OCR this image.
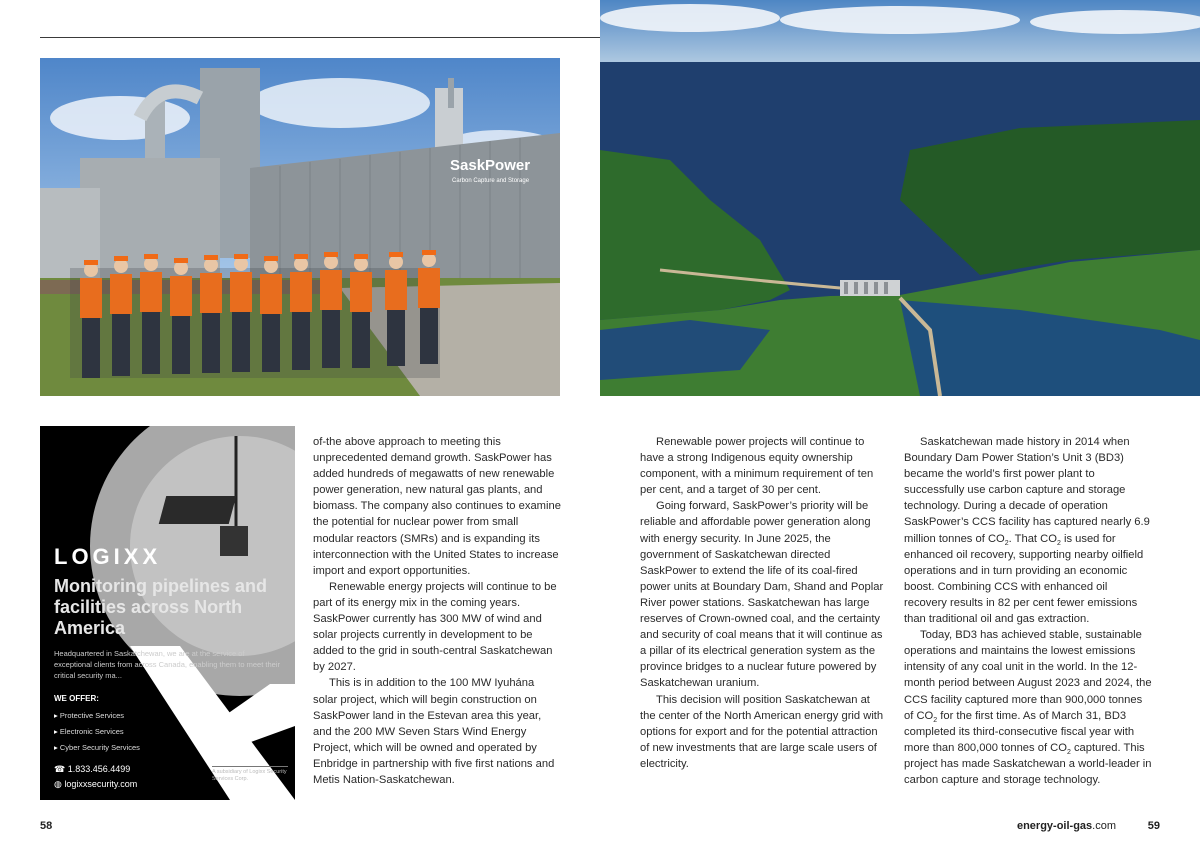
SaskPower
Carbon Capture and Storage
LOGIXX
Monitoring pipelines and facilities across North America
Headquartered in Saskatchewan, we are at the service of exceptional clients from across Canada, enabling them to meet their critical security ma...
WE OFFER:
▸ Protective Services
▸ Electronic Services
▸ Cyber Security Services
☎ 1.833.456.4499
◍ logixxsecurity.com
A subsidiary of Logixx Security Services Corp.

of-the above approach to meeting this unprecedented demand growth. SaskPower has added hundreds of megawatts of new renewable power generation, new natural gas plants, and biomass. The company also continues to examine the potential for nuclear power from small modular reactors (SMRs) and is expanding its interconnection with the United States to increase import and export opportunities.

Renewable energy projects will continue to be part of its energy mix in the coming years. SaskPower currently has 300 MW of wind and solar projects currently in development to be added to the grid in south-central Saskatchewan by 2027.

This is in addition to the 100 MW Iyuhána solar project, which will begin construction on SaskPower land in the Estevan area this year, and the 200 MW Seven Stars Wind Energy Project, which will be owned and operated by Enbridge in partnership with five first nations and Metis Nation-Saskatchewan.

Renewable power projects will continue to have a strong Indigenous equity ownership component, with a minimum requirement of ten per cent, and a target of 30 per cent.

Going forward, SaskPower’s priority will be reliable and affordable power generation along with energy security. In June 2025, the government of Saskatchewan directed SaskPower to extend the life of its coal-fired power units at Boundary Dam, Shand and Poplar River power stations. Saskatchewan has large reserves of Crown-owned coal, and the certainty and security of coal means that it will continue as a pillar of its electrical generation system as the province bridges to a nuclear future powered by Saskatchewan uranium.

This decision will position Saskatchewan at the center of the North American energy grid with options for export and for the potential attraction of new investments that are large scale users of electricity.

Saskatchewan made history in 2014 when Boundary Dam Power Station’s Unit 3 (BD3) became the world’s first power plant to successfully use carbon capture and storage technology. During a decade of operation SaskPower’s CCS facility has captured nearly 6.9 million tonnes of $CO_2$. That $CO_2$ is used for enhanced oil recovery, supporting nearby oilfield operations and in turn providing an economic boost. Combining CCS with enhanced oil recovery results in 82 per cent fewer emissions than traditional oil and gas extraction.

Today, BD3 has achieved stable, sustainable operations and maintains the lowest emissions intensity of any coal unit in the world. In the 12-month period between August 2023 and 2024, the CCS facility captured more than 900,000 tonnes of $CO_2$ for the first time. As of March 31, BD3 completed its third-consecutive fiscal year with more than 800,000 tonnes of $CO_2$ captured. This project has made Saskatchewan a world-leader in carbon capture and storage technology.

58	energy-oil-gas.com	59
